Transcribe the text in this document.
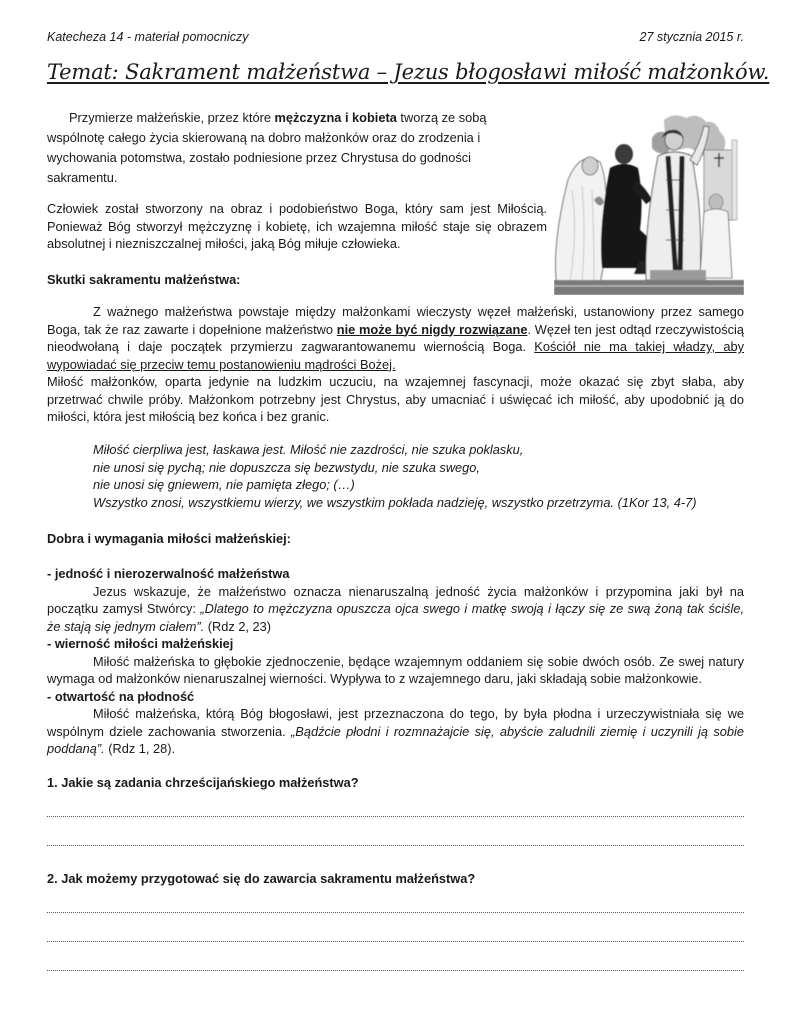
Katecheza 14 - materiał pomocniczy	27 stycznia 2015 r.
Temat: Sakrament małżeństwa – Jezus błogosławi miłość małżonków.
Przymierze małżeńskie, przez które mężczyzna i kobieta tworzą ze sobą wspólnotę całego życia skierowaną na dobro małżonków oraz do zrodzenia i wychowania potomstwa, zostało podniesione przez Chrystusa do godności sakramentu.
Człowiek został stworzony na obraz i podobieństwo Boga, który sam jest Miłością. Ponieważ Bóg stworzył mężczyznę i kobietę, ich wzajemna miłość staje się obrazem absolutnej i niezniszczalnej miłości, jaką Bóg miłuje człowieka.
Skutki sakramentu małżeństwa:
Z ważnego małżeństwa powstaje między małżonkami wieczysty węzeł małżeński, ustanowiony przez samego Boga, tak że raz zawarte i dopełnione małżeństwo nie może być nigdy rozwiązane. Węzeł ten jest odtąd rzeczywistością nieodwołaną i daje początek przymierzu zagwarantowanemu wiernością Boga. Kościół nie ma takiej władzy, aby wypowiadać się przeciw temu postanowieniu mądrości Bożej.
Miłość małżonków, oparta jedynie na ludzkim uczuciu, na wzajemnej fascynacji, może okazać się zbyt słaba, aby przetrwać chwile próby. Małżonkom potrzebny jest Chrystus, aby umacniać i uświęcać ich miłość, aby upodobnić ją do miłości, która jest miłością bez końca i bez granic.
Miłość cierpliwa jest, łaskawa jest. Miłość nie zazdrości, nie szuka poklasku,
nie unosi się pychą; nie dopuszcza się bezwstydu, nie szuka swego,
nie unosi się gniewem, nie pamięta złego; (…)
Wszystko znosi, wszystkiemu wierzy, we wszystkim pokłada nadzieję, wszystko przetrzyma. (1Kor 13, 4-7)
Dobra i wymagania miłości małżeńskiej:
- jedność i nierozerwalność małżeństwa
Jezus wskazuje, że małżeństwo oznacza nienaruszalną jedność życia małżonków i przypomina jaki był na początku zamysł Stwórcy: „Dlatego to mężczyzna opuszcza ojca swego i matkę swoją i łączy się ze swą żoną tak ściśle, że stają się jednym ciałem”. (Rdz 2, 23)
- wierność miłości małżeńskiej
Miłość małżeńska to głębokie zjednoczenie, będące wzajemnym oddaniem się sobie dwóch osób. Ze swej natury wymaga od małżonków nienaruszalnej wierności. Wypływa to z wzajemnego daru, jaki składają sobie małżonkowie.
- otwartość na płodność
Miłość małżeńska, którą Bóg błogosławi, jest przeznaczona do tego, by była płodna i urzeczywistniała się we wspólnym dziele zachowania stworzenia. „Bądźcie płodni i rozmnażajcie się, abyście zaludnili ziemię i uczynili ją sobie poddaną”. (Rdz 1, 28).
1. Jakie są zadania chrześcijańskiego małżeństwa?
2. Jak możemy przygotować się do zawarcia sakramentu małżeństwa?
